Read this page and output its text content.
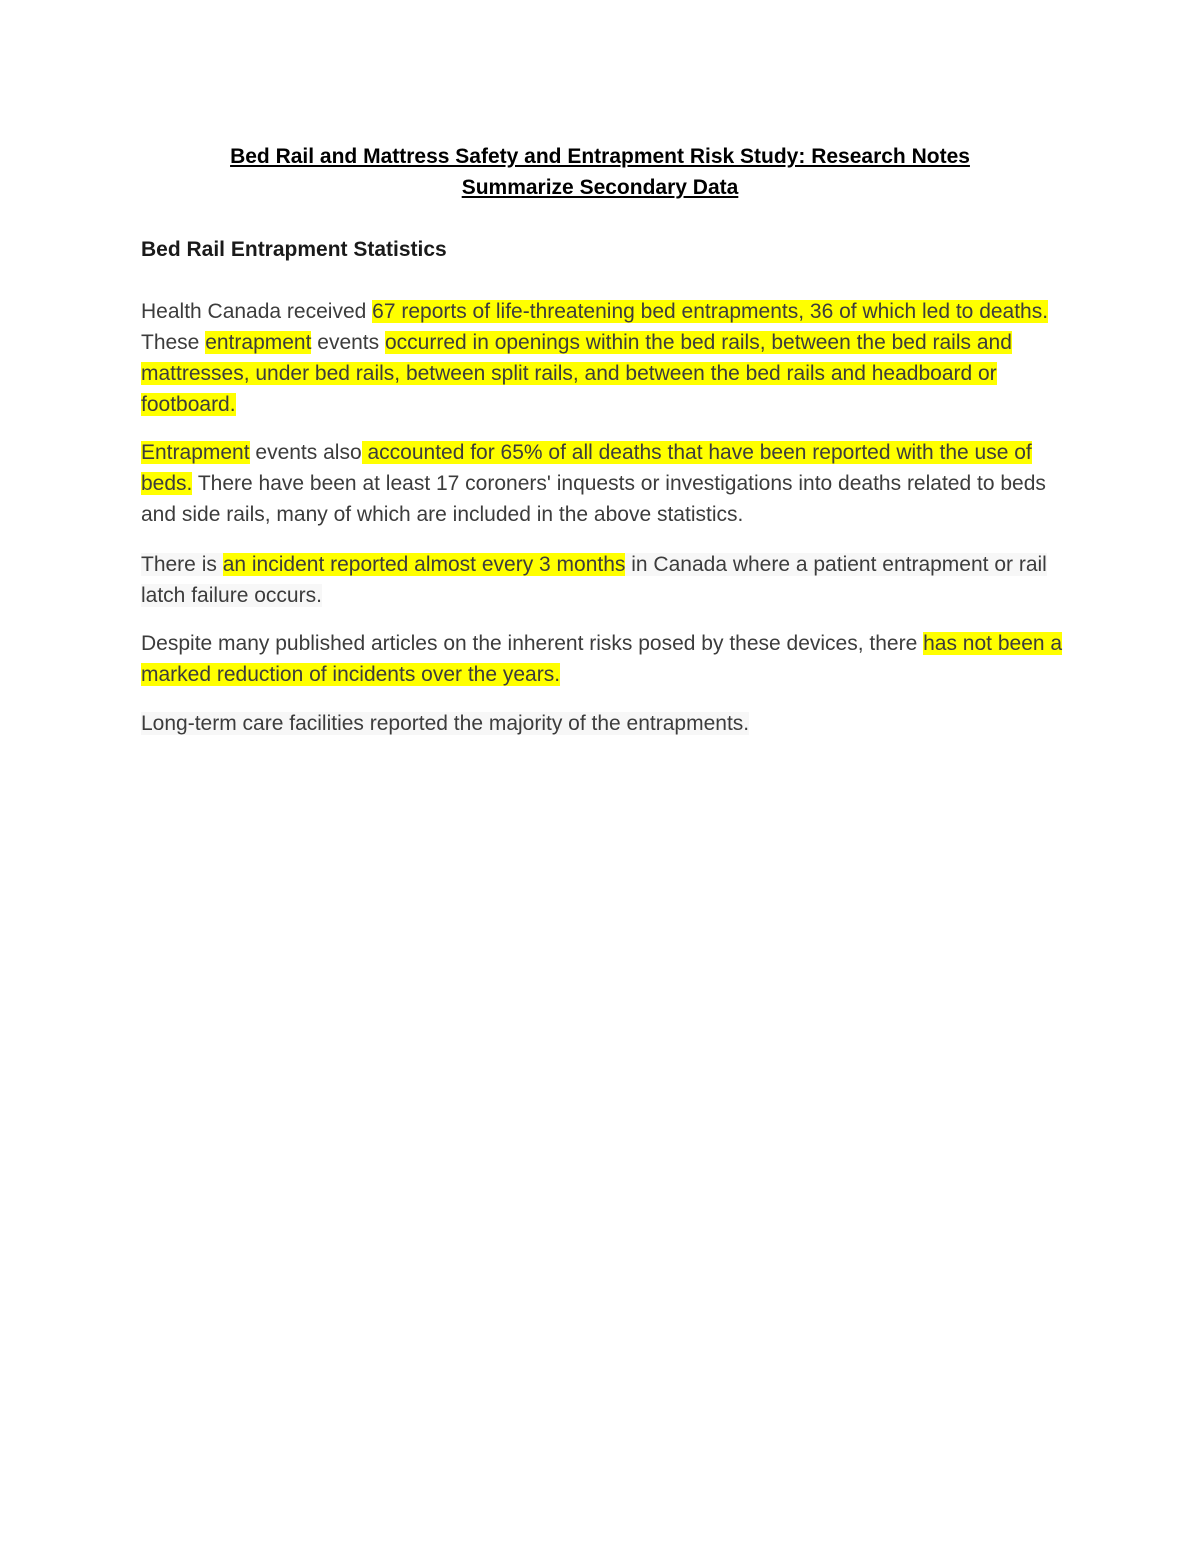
Bed Rail and Mattress Safety and Entrapment Risk Study: Research Notes
Summarize Secondary Data
Bed Rail Entrapment Statistics

Health Canada received 67 reports of life-threatening bed entrapments, 36 of which led to deaths. These entrapment events occurred in openings within the bed rails, between the bed rails and mattresses, under bed rails, between split rails, and between the bed rails and headboard or footboard.

Entrapment events also accounted for 65% of all deaths that have been reported with the use of beds. There have been at least 17 coroners' inquests or investigations into deaths related to beds and side rails, many of which are included in the above statistics.

There is an incident reported almost every 3 months in Canada where a patient entrapment or rail latch failure occurs.

Despite many published articles on the inherent risks posed by these devices, there has not been a marked reduction of incidents over the years.

Long-term care facilities reported the majority of the entrapments.
